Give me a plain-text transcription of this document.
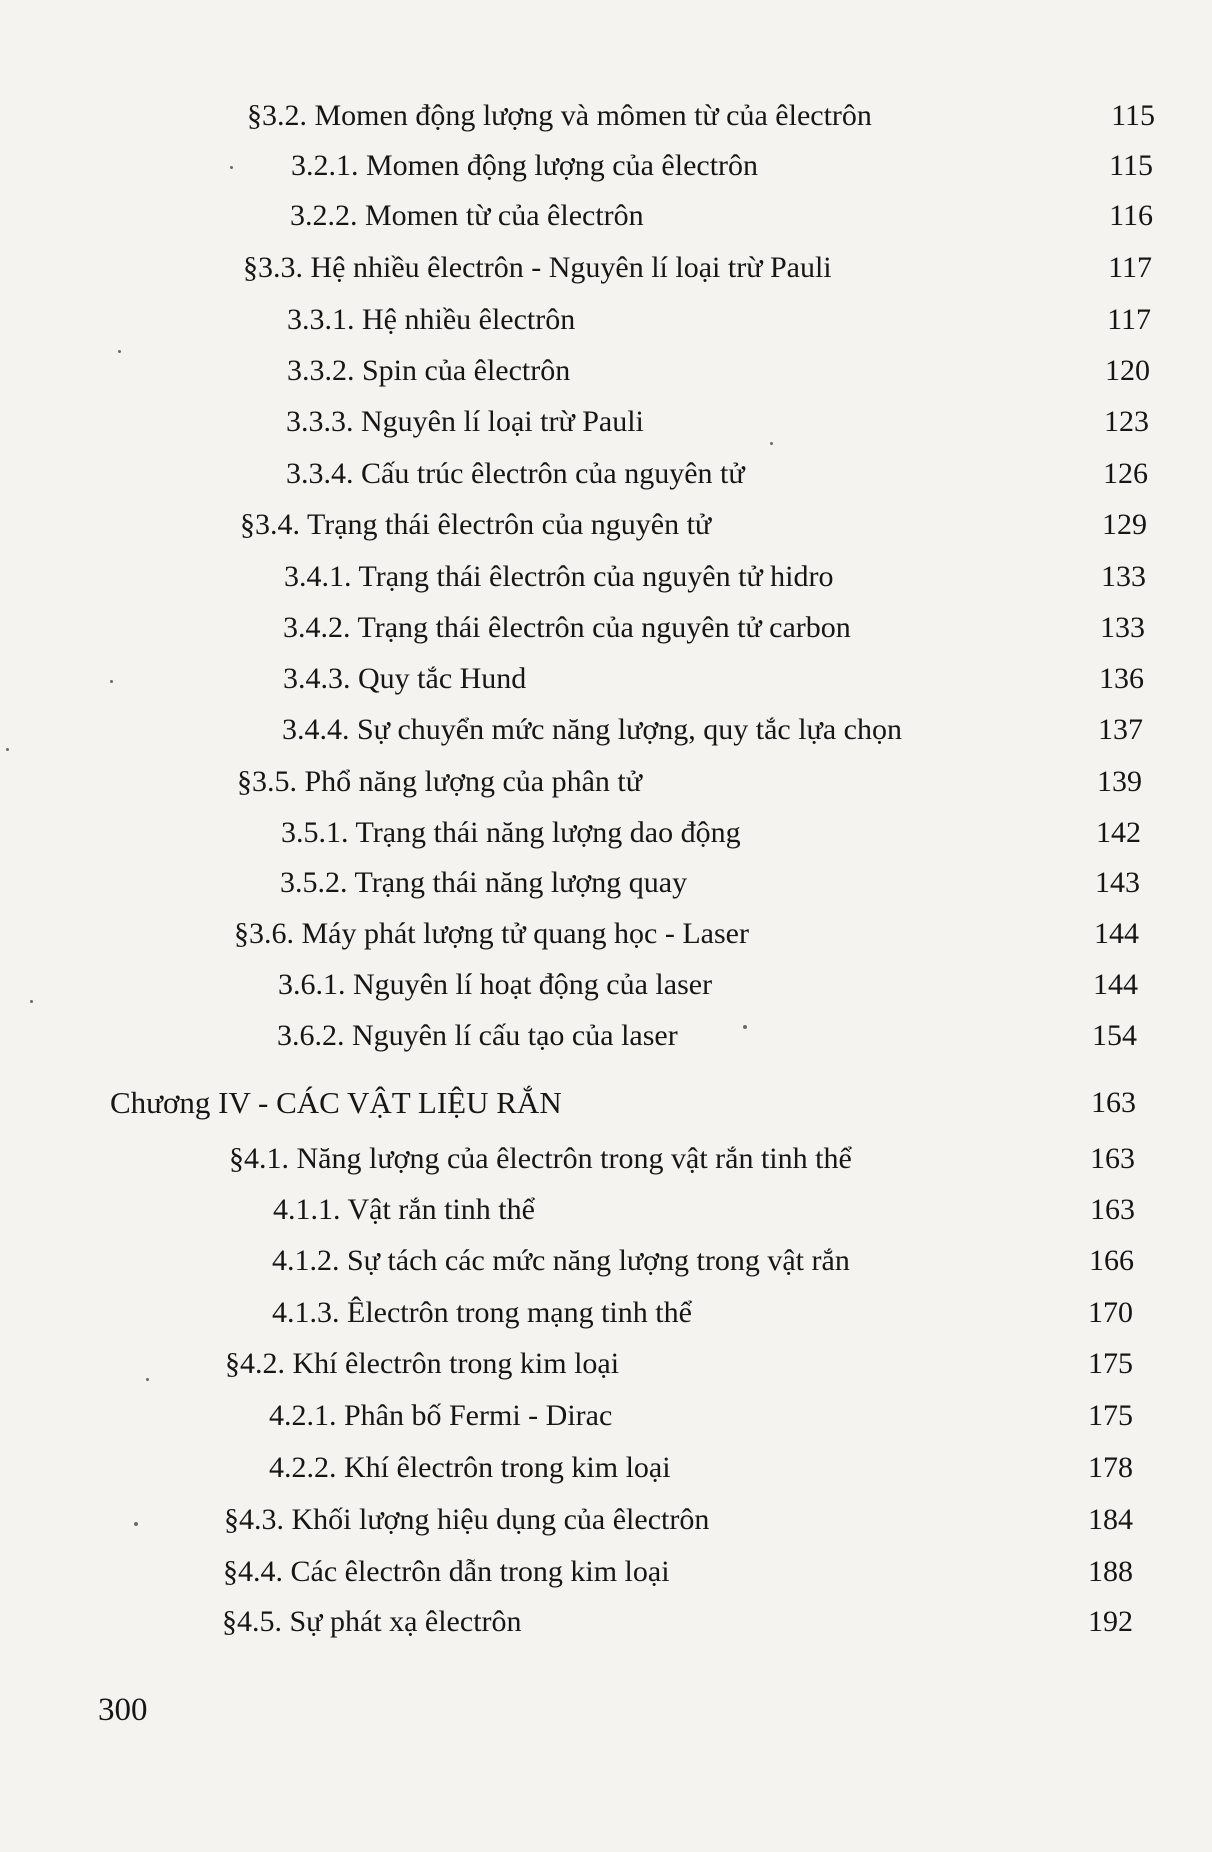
§3.2. Momen động lượng và mômen từ của êlectrôn	115
3.2.1. Momen động lượng của êlectrôn	115
3.2.2. Momen từ của êlectrôn	116
§3.3. Hệ nhiều êlectrôn - Nguyên lí loại trừ Pauli	117
3.3.1. Hệ nhiều êlectrôn	117
3.3.2. Spin của êlectrôn	120
3.3.3. Nguyên lí loại trừ Pauli	123
3.3.4. Cấu trúc êlectrôn của nguyên tử	126
§3.4. Trạng thái êlectrôn của nguyên tử	129
3.4.1. Trạng thái êlectrôn của nguyên tử hidro	133
3.4.2. Trạng thái êlectrôn của nguyên tử carbon	133
3.4.3. Quy tắc Hund	136
3.4.4. Sự chuyển mức năng lượng, quy tắc lựa chọn	137
§3.5. Phổ năng lượng của phân tử	139
3.5.1. Trạng thái năng lượng dao động	142
3.5.2. Trạng thái năng lượng quay	143
§3.6. Máy phát lượng tử quang học - Laser	144
3.6.1. Nguyên lí hoạt động của laser	144
3.6.2. Nguyên lí cấu tạo của laser	154
Chương IV - CÁC VẬT LIỆU RẮN	163
§4.1. Năng lượng của êlectrôn trong vật rắn tinh thể	163
4.1.1. Vật rắn tinh thể	163
4.1.2. Sự tách các mức năng lượng trong vật rắn	166
4.1.3. Êlectrôn trong mạng tinh thể	170
§4.2. Khí êlectrôn trong kim loại	175
4.2.1. Phân bố Fermi - Dirac	175
4.2.2. Khí êlectrôn trong kim loại	178
§4.3. Khối lượng hiệu dụng của êlectrôn	184
§4.4. Các êlectrôn dẫn trong kim loại	188
§4.5. Sự phát xạ êlectrôn	192
300
